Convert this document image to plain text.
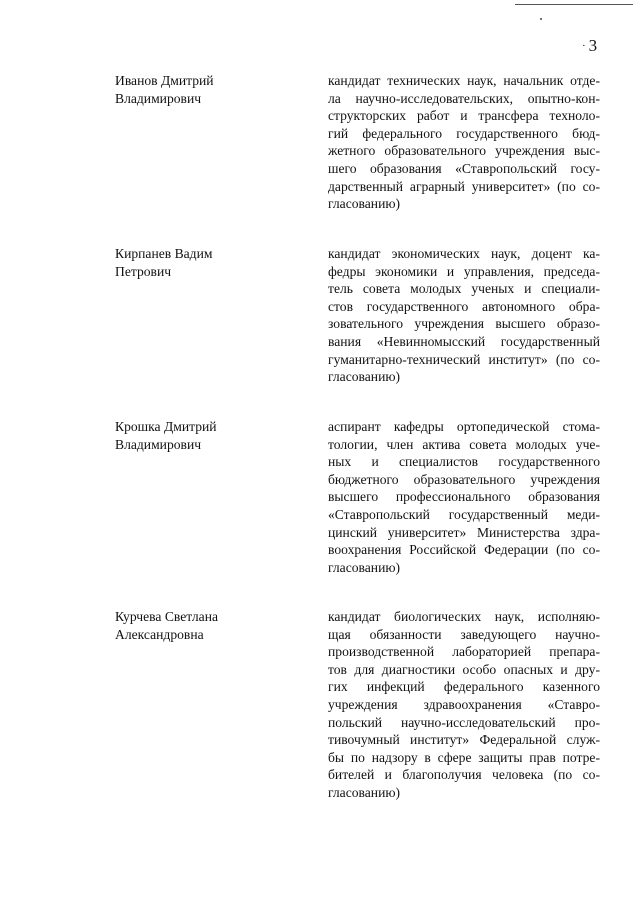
· 3
Иванов Дмитрий
Владимирович
кандидат технических наук, начальник отде-
ла научно-исследовательских, опытно-кон-
структорских работ и трансфера техноло-
гий федерального государственного бюд-
жетного образовательного учреждения выс-
шего образования «Ставропольский госу-
дарственный аграрный университет» (по со-
гласованию)
Кирпанев Вадим
Петрович
кандидат экономических наук, доцент ка-
федры экономики и управления, председа-
тель совета молодых ученых и специали-
стов государственного автономного обра-
зовательного учреждения высшего образо-
вания «Невинномысский государственный
гуманитарно-технический институт» (по со-
гласованию)
Крошка Дмитрий
Владимирович
аспирант кафедры ортопедической стома-
тологии, член актива совета молодых уче-
ных и специалистов государственного
бюджетного образовательного учреждения
высшего профессионального образования
«Ставропольский государственный меди-
цинский университет» Министерства здра-
воохранения Российской Федерации (по со-
гласованию)
Курчева Светлана
Александровна
кандидат биологических наук, исполняю-
щая обязанности заведующего научно-
производственной лабораторией препара-
тов для диагностики особо опасных и дру-
гих инфекций федерального казенного
учреждения здравоохранения «Ставро-
польский научно-исследовательский про-
тивочумный институт» Федеральной служ-
бы по надзору в сфере защиты прав потре-
бителей и благополучия человека (по со-
гласованию)
